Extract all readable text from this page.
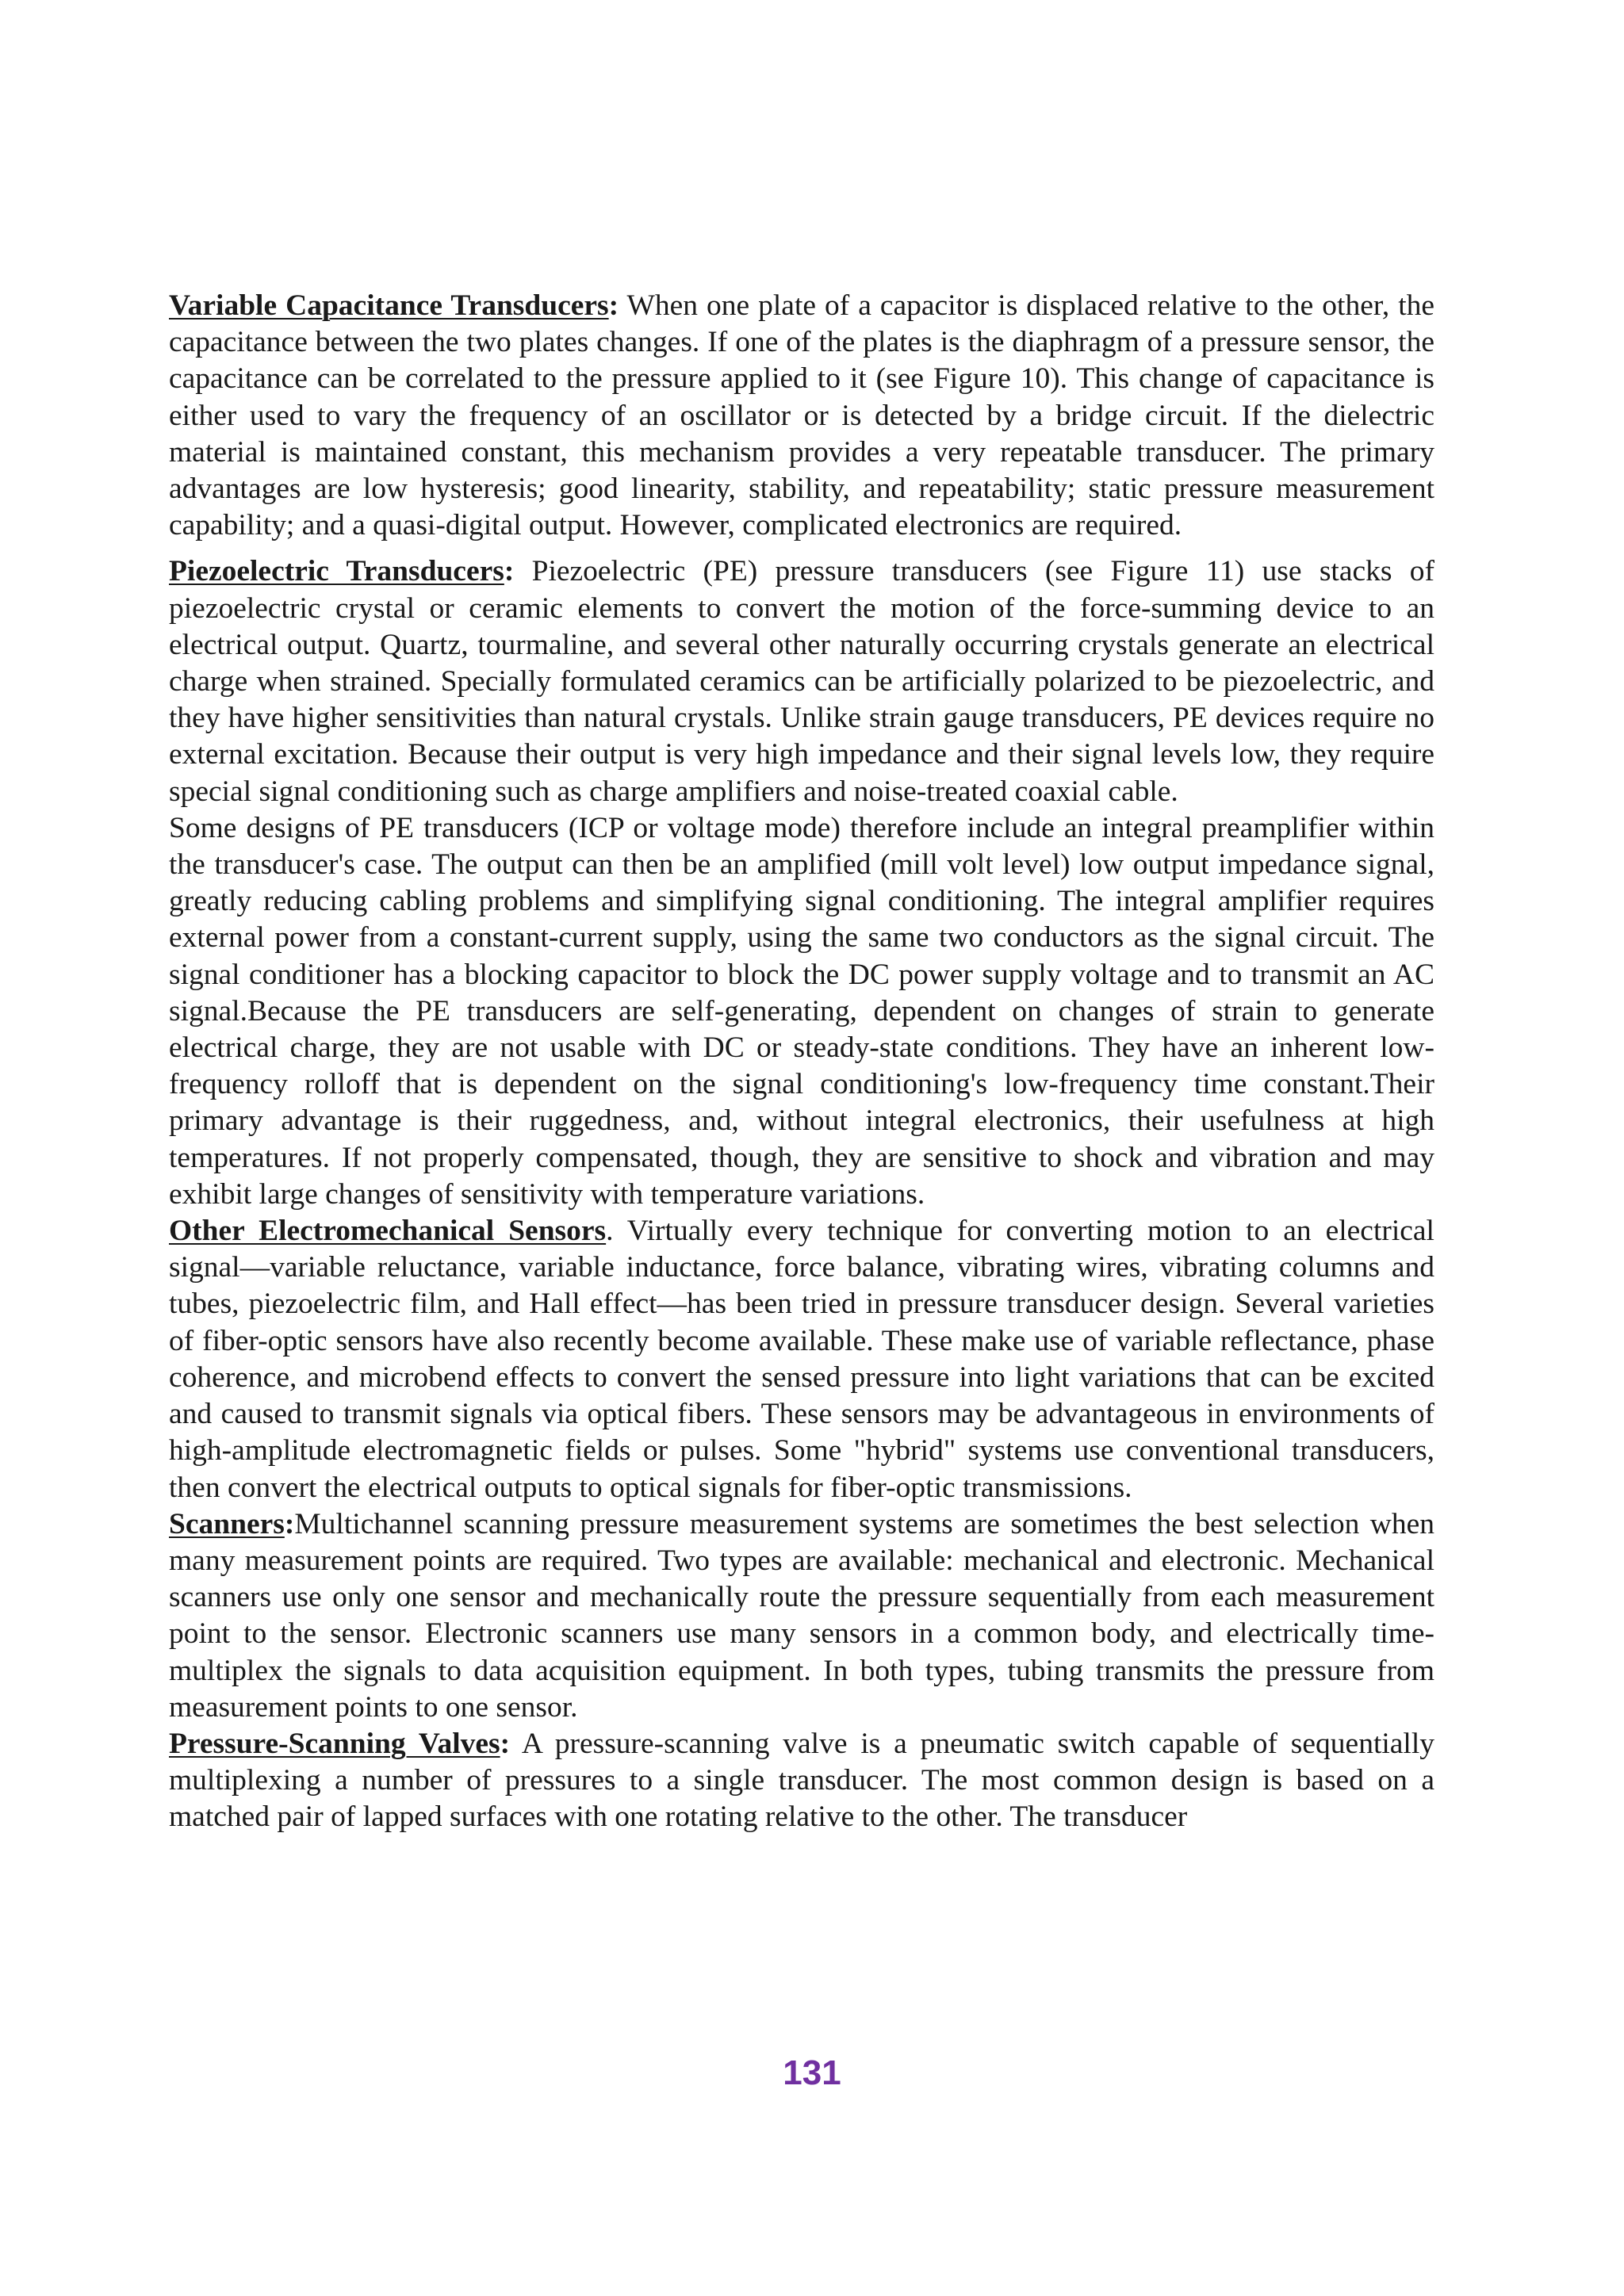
Variable Capacitance Transducers: When one plate of a capacitor is displaced relative to the other, the capacitance between the two plates changes. If one of the plates is the diaphragm of a pressure sensor, the capacitance can be correlated to the pressure applied to it (see Figure 10). This change of capacitance is either used to vary the frequency of an oscillator or is detected by a bridge circuit. If the dielectric material is maintained constant, this mechanism provides a very repeatable transducer. The primary advantages are low hysteresis; good linearity, stability, and repeatability; static pressure measurement capability; and a quasi-digital output. However, complicated electronics are required.

Piezoelectric Transducers: Piezoelectric (PE) pressure transducers (see Figure 11) use stacks of piezoelectric crystal or ceramic elements to convert the motion of the force-summing device to an electrical output. Quartz, tourmaline, and several other naturally occurring crystals generate an electrical charge when strained. Specially formulated ceramics can be artificially polarized to be piezoelectric, and they have higher sensitivities than natural crystals. Unlike strain gauge transducers, PE devices require no external excitation. Because their output is very high impedance and their signal levels low, they require special signal conditioning such as charge amplifiers and noise-treated coaxial cable.

Some designs of PE transducers (ICP or voltage mode) therefore include an integral preamplifier within the transducer's case. The output can then be an amplified (mill volt level) low output impedance signal, greatly reducing cabling problems and simplifying signal conditioning. The integral amplifier requires external power from a constant-current supply, using the same two conductors as the signal circuit. The signal conditioner has a blocking capacitor to block the DC power supply voltage and to transmit an AC signal.Because the PE transducers are self-generating, dependent on changes of strain to generate electrical charge, they are not usable with DC or steady-state conditions. They have an inherent low-frequency rolloff that is dependent on the signal conditioning's low-frequency time constant.Their primary advantage is their ruggedness, and, without integral electronics, their usefulness at high temperatures. If not properly compensated, though, they are sensitive to shock and vibration and may exhibit large changes of sensitivity with temperature variations.

Other Electromechanical Sensors. Virtually every technique for converting motion to an electrical signal—variable reluctance, variable inductance, force balance, vibrating wires, vibrating columns and tubes, piezoelectric film, and Hall effect—has been tried in pressure transducer design. Several varieties of fiber-optic sensors have also recently become available. These make use of variable reflectance, phase coherence, and microbend effects to convert the sensed pressure into light variations that can be excited and caused to transmit signals via optical fibers. These sensors may be advantageous in environments of high-amplitude electromagnetic fields or pulses. Some "hybrid" systems use conventional transducers, then convert the electrical outputs to optical signals for fiber-optic transmissions.

Scanners:Multichannel scanning pressure measurement systems are sometimes the best selection when many measurement points are required. Two types are available: mechanical and electronic. Mechanical scanners use only one sensor and mechanically route the pressure sequentially from each measurement point to the sensor. Electronic scanners use many sensors in a common body, and electrically time-multiplex the signals to data acquisition equipment. In both types, tubing transmits the pressure from measurement points to one sensor.

Pressure-Scanning Valves: A pressure-scanning valve is a pneumatic switch capable of sequentially multiplexing a number of pressures to a single transducer. The most common design is based on a matched pair of lapped surfaces with one rotating relative to the other. The transducer

131
